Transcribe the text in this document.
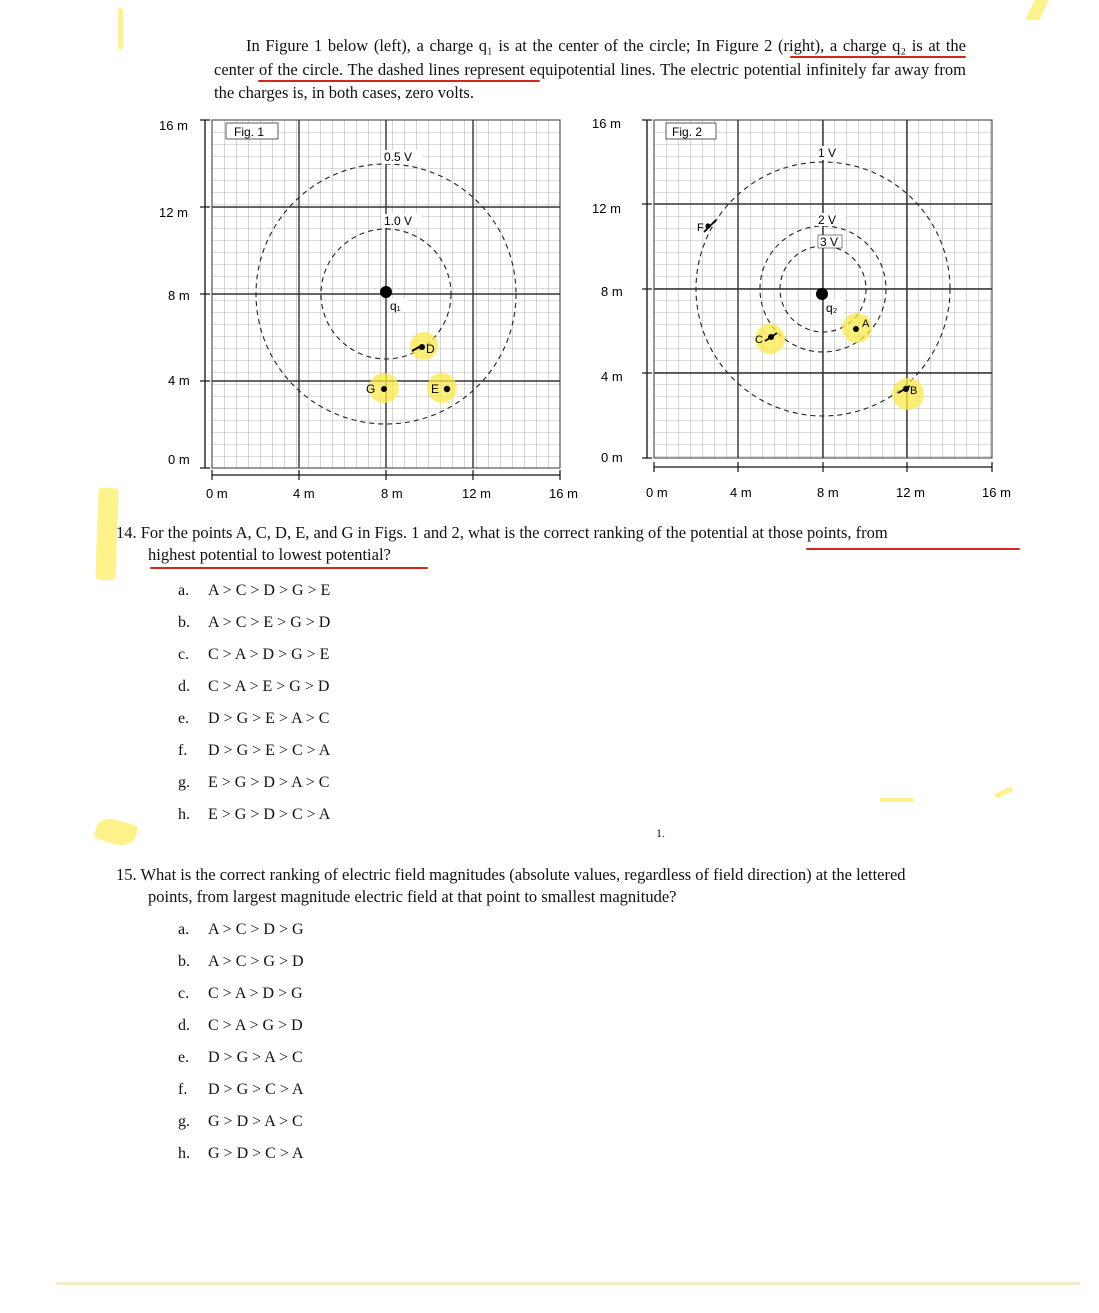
In Figure 1 below (left), a charge q₁ is at the center of the circle; In Figure 2 (right), a charge q₂ is at the center of the circle. The dashed lines represent equipotential lines. The electric potential infinitely far away from the charges is, in both cases, zero volts.

Fig. 1
0.5 V
1.0 V
q₁
D
G	E
16 m
12 m
8 m
4 m
0 m
0 m	4 m	8 m	12 m	16 m
Fig. 2
1 V
2 V
3 V
q₂
F
C
A
B
16 m
12 m
8 m
4 m
0 m
0 m	4 m	8 m	12 m	16 m
14. For the points A, C, D, E, and G in Figs. 1 and 2, what is the correct ranking of the potential at those points, from
highest potential to lowest potential?
a. A > C > D > G > E
b. A > C > E > G > D
c. C > A > D > G > E
d. C > A > E > G > D
e. D > G > E > A > C
f. D > G > E > C > A
g. E > G > D > A > C
h. E > G > D > C > A
1.
15. What is the correct ranking of electric field magnitudes (absolute values, regardless of field direction) at the lettered
points, from largest magnitude electric field at that point to smallest magnitude?
a. A > C > D > G
b. A > C > G > D
c. C > A > D > G
d. C > A > G > D
e. D > G > A > C
f. D > G > C > A
g. G > D > A > C
h. G > D > C > A
